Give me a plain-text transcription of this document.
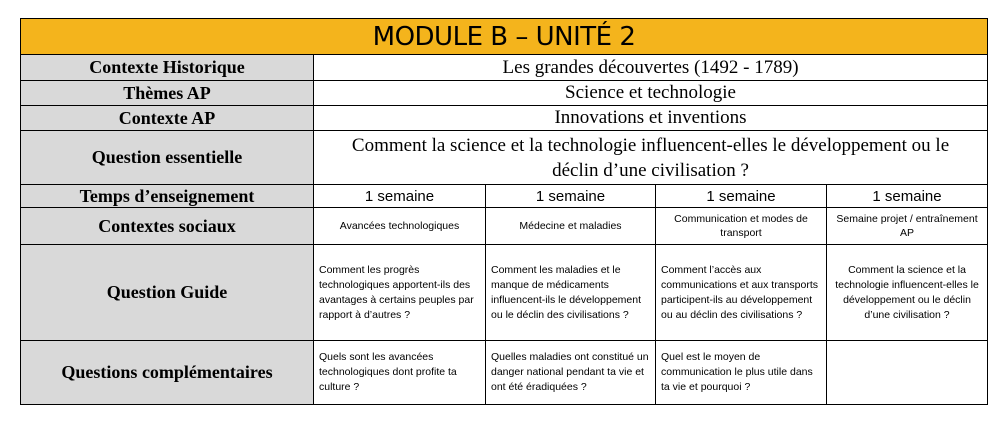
MODULE B – UNITÉ 2				
Contexte Historique	Les grandes découvertes (1492 - 1789)			
Thèmes AP	Science et technologie			
Contexte AP	Innovations et inventions			
Question essentielle	Comment la science et la technologie influencent-elles le développement ou le déclin d’une civilisation ?			
Temps d’enseignement	1 semaine	1 semaine	1 semaine	1 semaine
Contextes sociaux	Avancées technologiques	Médecine et maladies	Communication et modes de transport	Semaine projet / entraînement AP
Question Guide	Comment les progrès technologiques apportent-ils des avantages à certains peuples par rapport à d’autres ?	Comment les maladies et le manque de médicaments influencent-ils le développement ou le déclin des civilisations ?	Comment l’accès aux communications et aux transports participent-ils au développement ou au déclin des civilisations ?	Comment la science et la technologie influencent-elles le développement ou le déclin d’une civilisation ?
Questions complémentaires	Quels sont les avancées technologiques dont profite ta culture ?	Quelles maladies ont constitué un danger national pendant ta vie et ont été éradiquées ?	Quel est le moyen de communication le plus utile dans ta vie et pourquoi ?	
